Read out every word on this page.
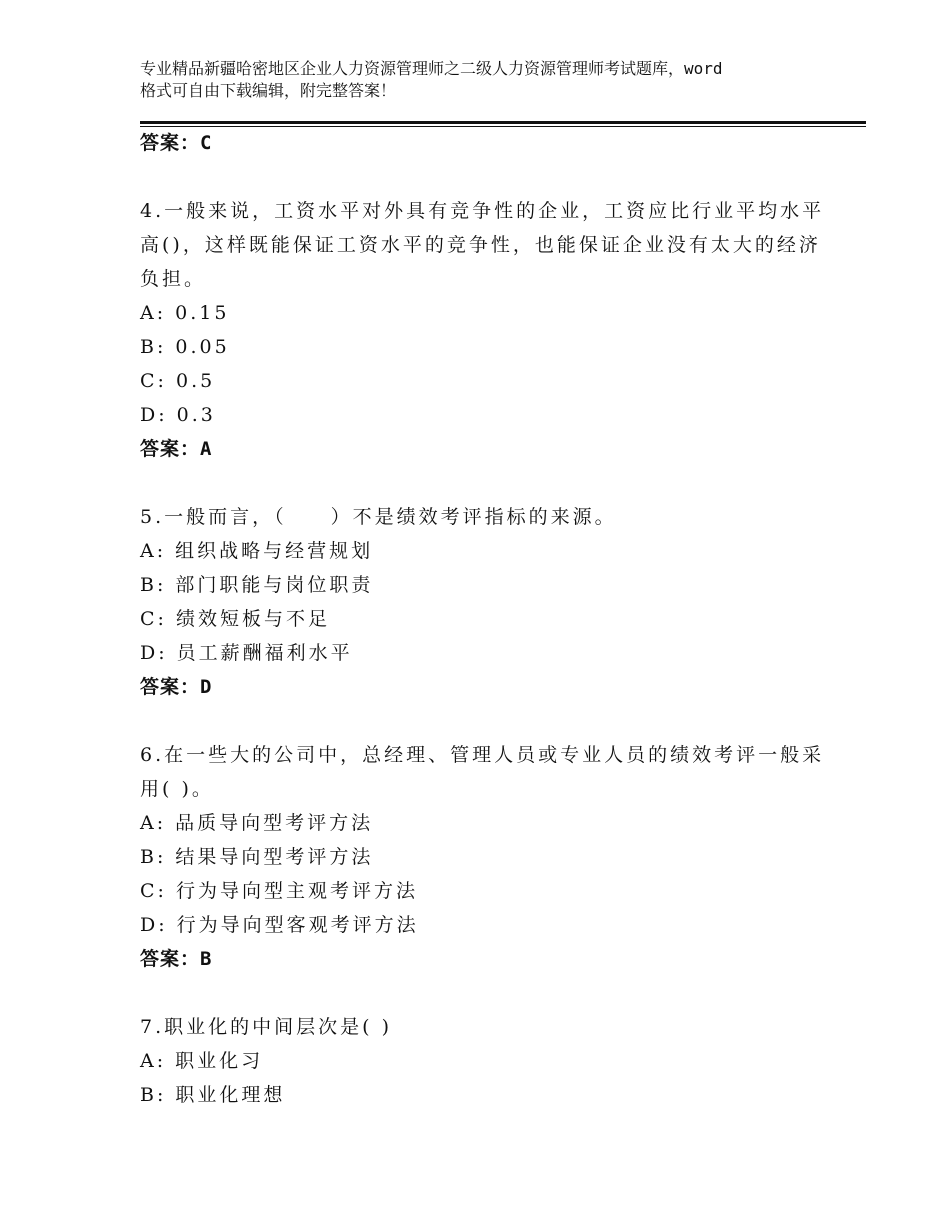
专业精品新疆哈密地区企业人力资源管理师之二级人力资源管理师考试题库，word
格式可自由下载编辑，附完整答案！
答案：C
4.一般来说，工资水平对外具有竞争性的企业，工资应比行业平均水平高()，这样既能保证工资水平的竞争性，也能保证企业没有太大的经济负担。
A: 0.15
B: 0.05
C: 0.5
D: 0.3
答案：A
5.一般而言，（　　）不是绩效考评指标的来源。
A: 组织战略与经营规划
B: 部门职能与岗位职责
C: 绩效短板与不足
D: 员工薪酬福利水平
答案：D
6.在一些大的公司中，总经理、管理人员或专业人员的绩效考评一般采用( )。
A: 品质导向型考评方法
B: 结果导向型考评方法
C: 行为导向型主观考评方法
D: 行为导向型客观考评方法
答案：B
7.职业化的中间层次是( )
A: 职业化习
B: 职业化理想
